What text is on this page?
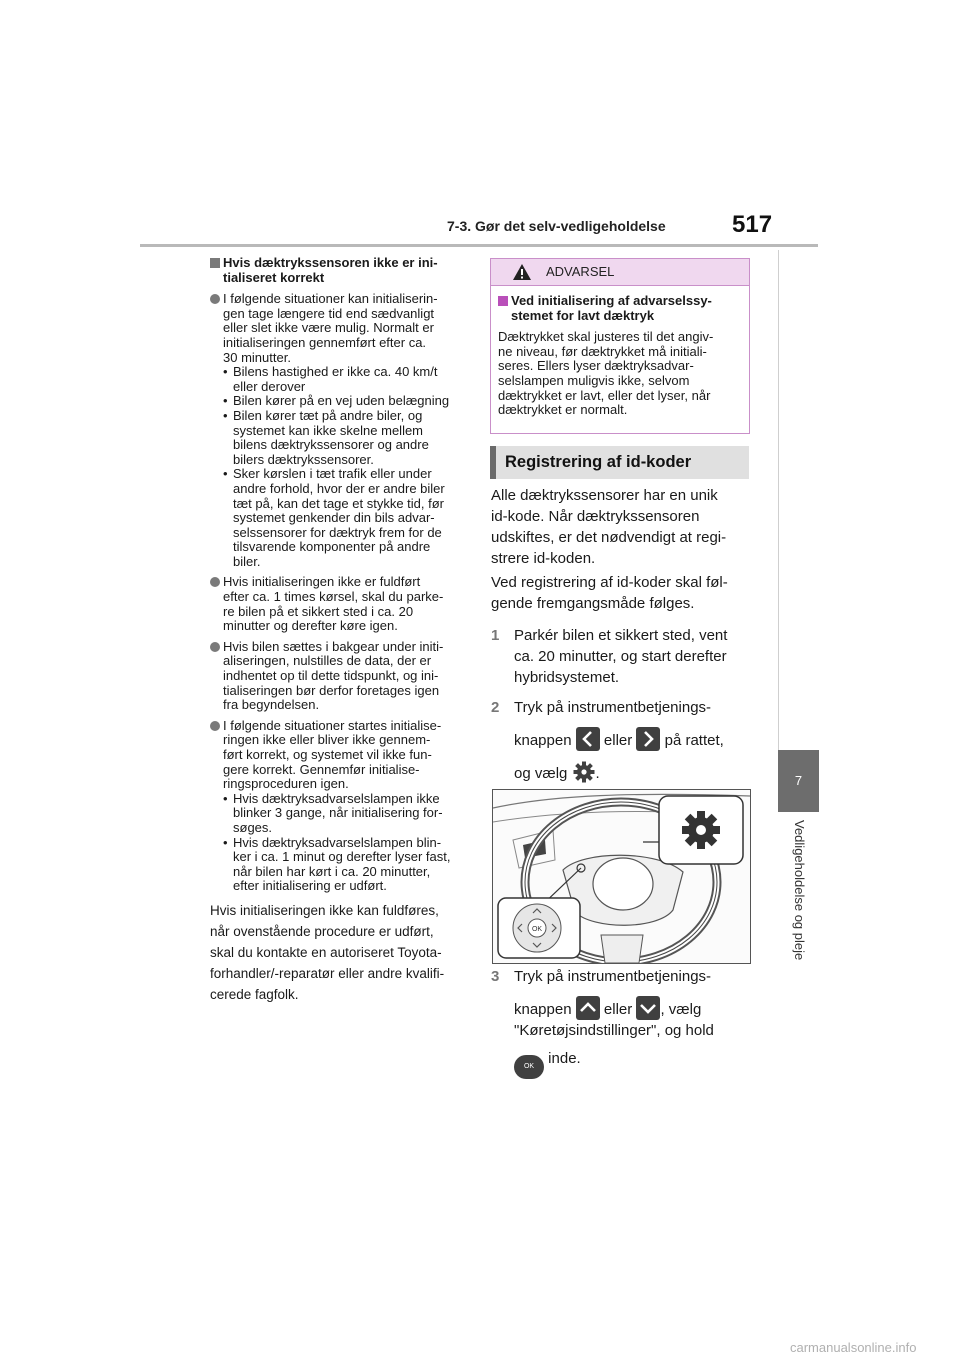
7-3. Gør det selv-vedligeholdelse	517
7
Vedligeholdelse og pleje
Hvis dæktrykssensoren ikke er ini-
tialiseret korrekt
I følgende situationer kan initialiserin-
gen tage længere tid end sædvanligt
eller slet ikke være mulig. Normalt er
initialiseringen gennemført efter ca.
30 minutter.
• Bilens hastighed er ikke ca. 40 km/t
eller derover
• Bilen kører på en vej uden belægning
• Bilen kører tæt på andre biler, og
systemet kan ikke skelne mellem
bilens dæktrykssensorer og andre
bilers dæktrykssensorer.
• Sker kørslen i tæt trafik eller under
andre forhold, hvor der er andre biler
tæt på, kan det tage et stykke tid, før
systemet genkender din bils advar-
selssensorer for dæktryk frem for de
tilsvarende komponenter på andre
biler.
Hvis initialiseringen ikke er fuldført
efter ca. 1 times kørsel, skal du parke-
re bilen på et sikkert sted i ca. 20
minutter og derefter køre igen.
Hvis bilen sættes i bakgear under initi-
aliseringen, nulstilles de data, der er
indhentet op til dette tidspunkt, og ini-
tialiseringen bør derfor foretages igen
fra begyndelsen.
I følgende situationer startes initialise-
ringen ikke eller bliver ikke gennem-
ført korrekt, og systemet vil ikke fun-
gere korrekt. Gennemfør initialise-
ringsproceduren igen.
• Hvis dæktryksadvarselslampen ikke
blinker 3 gange, når initialisering for-
søges.
• Hvis dæktryksadvarselslampen blin-
ker i ca. 1 minut og derefter lyser fast,
når bilen har kørt i ca. 20 minutter,
efter initialisering er udført.
Hvis initialiseringen ikke kan fuldføres,
når ovenstående procedure er udført,
skal du kontakte en autoriseret Toyota-
forhandler/-reparatør eller andre kvalifi-
cerede fagfolk.
ADVARSEL
Ved initialisering af advarselssy-
stemet for lavt dæktryk
Dæktrykket skal justeres til det angiv-
ne niveau, før dæktrykket må initiali-
seres. Ellers lyser dæktryksadvar-
selslampen muligvis ikke, selvom
dæktrykket er lavt, eller det lyser, når
dæktrykket er normalt.
Registrering af id-koder
Alle dæktrykssensorer har en unik
id-kode. Når dæktrykssensoren
udskiftes, er det nødvendigt at regi-
strere id-koden.
Ved registrering af id-koder skal føl-
gende fremgangsmåde følges.
1 Parkér bilen et sikkert sted, vent
ca. 20 minutter, og start derefter
hybridsystemet.
2 Tryk på instrumentbetjenings-
knappen eller på rattet,
og vælg .
OK
3 Tryk på instrumentbetjenings-
knappen eller , vælg
"Køretøjsindstillinger", og hold
OK inde.
carmanualsonline.info
